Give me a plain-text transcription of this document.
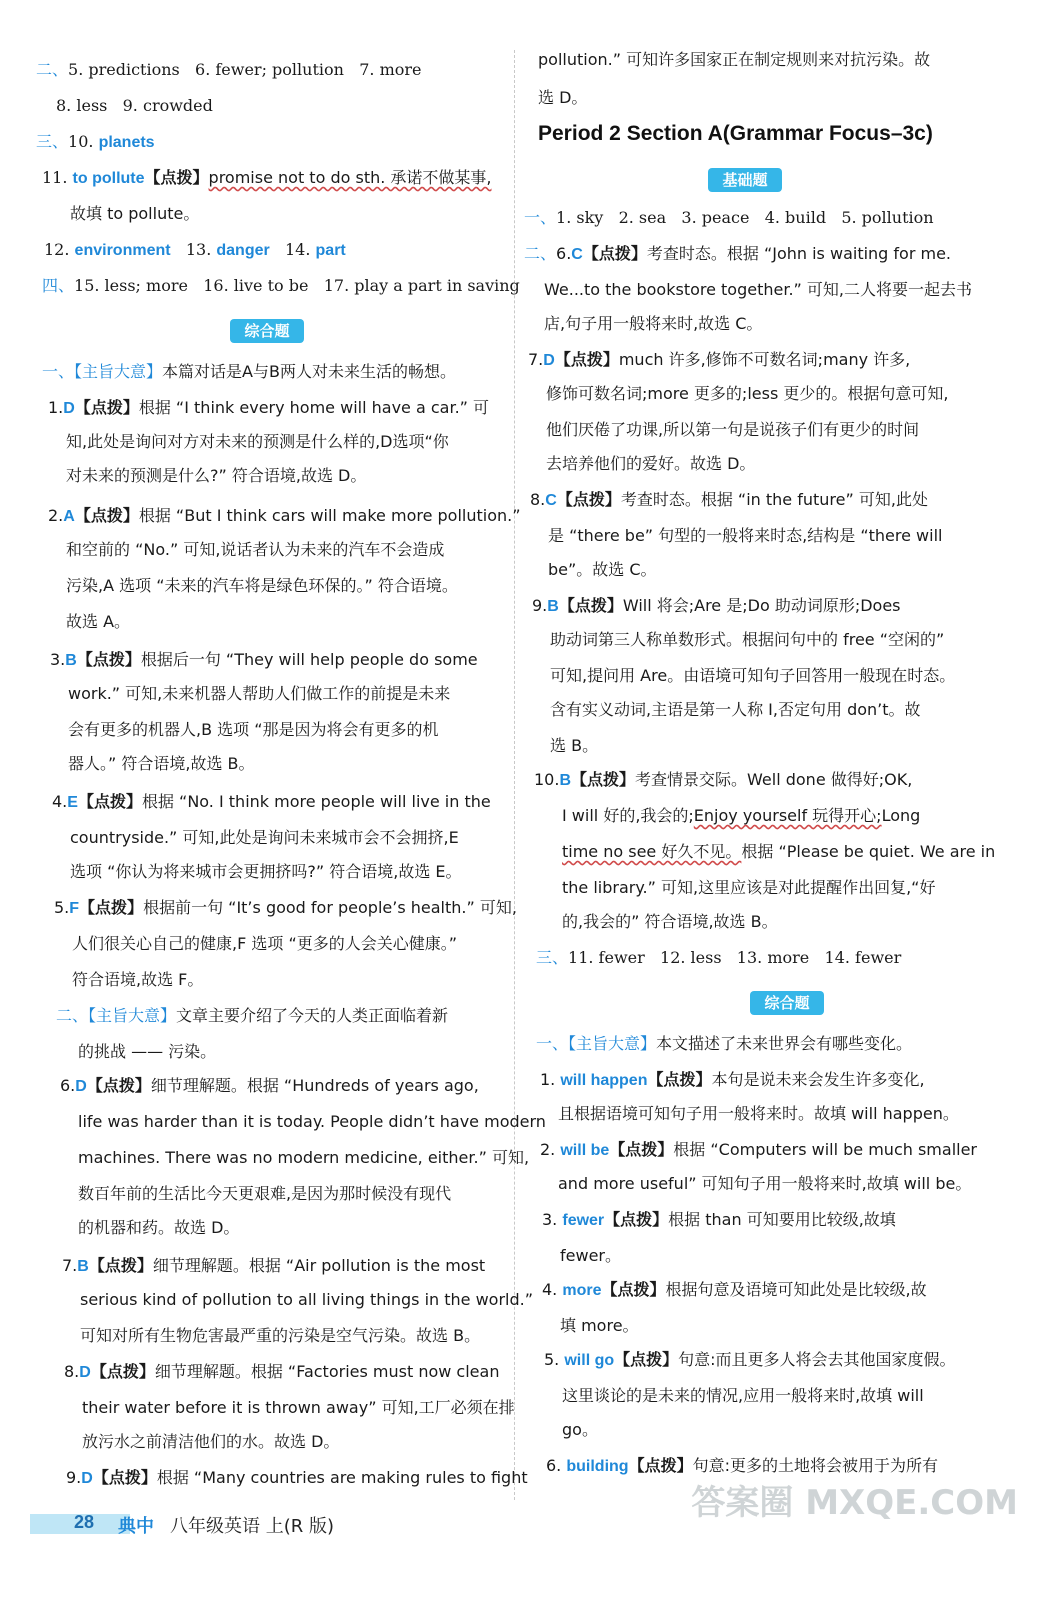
二、5. predictions 6. fewer; pollution 7. more
8. less 9. crowded
三、10. planets
11. to pollute【点拨】promise not to do sth. 承诺不做某事,
故填 to pollute。
12. environment 13. danger 14. part
四、15. less; more 16. live to be 17. play a part in saving
综合题
一、【主旨大意】本篇对话是A与B两人对未来生活的畅想。
1.D【点拨】根据 “I think every home will have a car.” 可
知,此处是询问对方对未来的预测是什么样的,D选项“你
对未来的预测是什么?” 符合语境,故选 D。
2.A【点拨】根据 “But I think cars will make more pollution.”
和空前的 “No.” 可知,说话者认为未来的汽车不会造成
污染,A 选项 “未来的汽车将是绿色环保的。” 符合语境。
故选 A。
3.B【点拨】根据后一句 “They will help people do some
work.” 可知,未来机器人帮助人们做工作的前提是未来
会有更多的机器人,B 选项 “那是因为将会有更多的机
器人。” 符合语境,故选 B。
4.E【点拨】根据 “No. I think more people will live in the
countryside.” 可知,此处是询问未来城市会不会拥挤,E
选项 “你认为将来城市会更拥挤吗?” 符合语境,故选 E。
5.F【点拨】根据前一句 “It’s good for people’s health.” 可知,
人们很关心自己的健康,F 选项 “更多的人会关心健康。”
符合语境,故选 F。
二、【主旨大意】文章主要介绍了今天的人类正面临着新
的挑战 —— 污染。
6.D【点拨】细节理解题。根据 “Hundreds of years ago,
life was harder than it is today. People didn’t have modern
machines. There was no modern medicine, either.” 可知,
数百年前的生活比今天更艰难,是因为那时候没有现代
的机器和药。故选 D。
7.B【点拨】细节理解题。根据 “Air pollution is the most
serious kind of pollution to all living things in the world.”
可知对所有生物危害最严重的污染是空气污染。故选 B。
8.D【点拨】细节理解题。根据 “Factories must now clean
their water before it is thrown away” 可知,工厂必须在排
放污水之前清洁他们的水。故选 D。
9.D【点拨】根据 “Many countries are making rules to fight
pollution.” 可知许多国家正在制定规则来对抗污染。故
选 D。
Period 2 Section A(Grammar Focus–3c)
基础题
一、1. sky   2. sea   3. peace   4. build   5. pollution
二、6.C【点拨】考查时态。根据 “John is waiting for me.
We...to the bookstore together.” 可知,二人将要一起去书
店,句子用一般将来时,故选 C。
7.D【点拨】much 许多,修饰不可数名词;many 许多,
修饰可数名词;more 更多的;less 更少的。根据句意可知,
他们厌倦了功课,所以第一句是说孩子们有更少的时间
去培养他们的爱好。故选 D。
8.C【点拨】考查时态。根据 “in the future” 可知,此处
是 “there be” 句型的一般将来时态,结构是 “there will
be”。故选 C。
9.B【点拨】Will 将会;Are 是;Do 助动词原形;Does
助动词第三人称单数形式。根据问句中的 free “空闲的”
可知,提问用 Are。由语境可知句子回答用一般现在时态。
含有实义动词,主语是第一人称 I,否定句用 don’t。故
选 B。
10.B【点拨】考查情景交际。Well done 做得好;OK,
I will 好的,我会的;Enjoy yourself 玩得开心;Long
time no see 好久不见。根据 “Please be quiet. We are in
the library.” 可知,这里应该是对此提醒作出回复,“好
的,我会的” 符合语境,故选 B。
三、11. fewer   12. less   13. more   14. fewer
综合题
一、【主旨大意】本文描述了未来世界会有哪些变化。
1. will happen【点拨】本句是说未来会发生许多变化,
且根据语境可知句子用一般将来时。故填 will happen。
2. will be【点拨】根据 “Computers will be much smaller
and more useful” 可知句子用一般将来时,故填 will be。
3. fewer【点拨】根据 than 可知要用比较级,故填
fewer。
4. more【点拨】根据句意及语境可知此处是比较级,故
填 more。
5. will go【点拨】句意:而且更多人将会去其他国家度假。
这里谈论的是未来的情况,应用一般将来时,故填 will
go。
6. building【点拨】句意:更多的土地将会被用于为所有
28 典中 八年级英语 上(R 版)
答案圈 MXQE.COM
